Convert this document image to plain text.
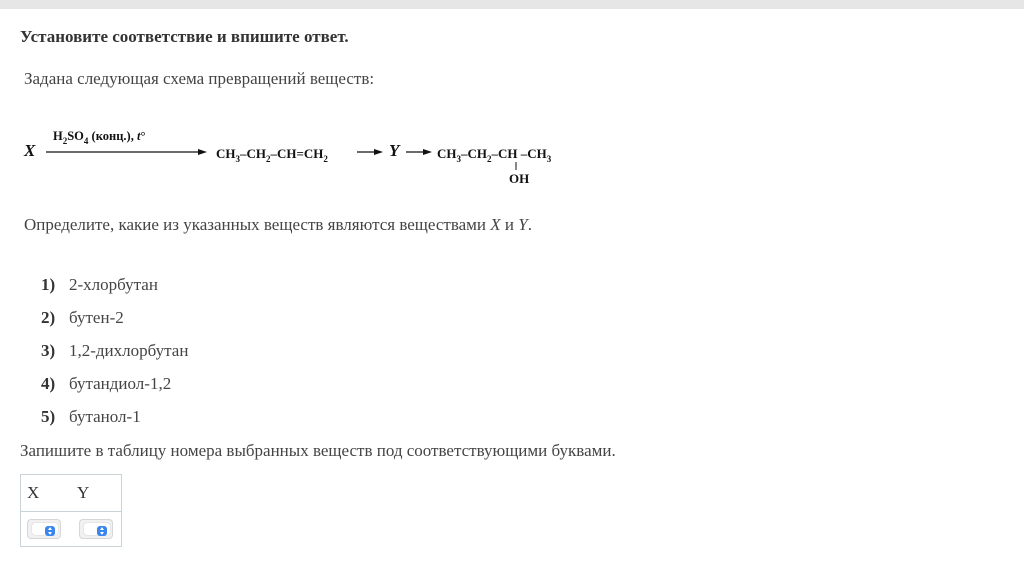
Установите соответствие и впишите ответ.
Задана следующая схема превращений веществ:
X
$H_2SO_4$ (конц.), t°
$CH_3-CH_2-CH=CH_2$	Y	$CH_3-CH_2-CH$ $-CH_3$
OH
Определите, какие из указанных веществ являются веществами X и Y.
1) 2-хлорбутан
2) бутен-2
3) 1,2-дихлорбутан
4) бутандиол-1,2
5) бутанол-1
Запишите в таблицу номера выбранных веществ под соответствующими буквами.
X Y
